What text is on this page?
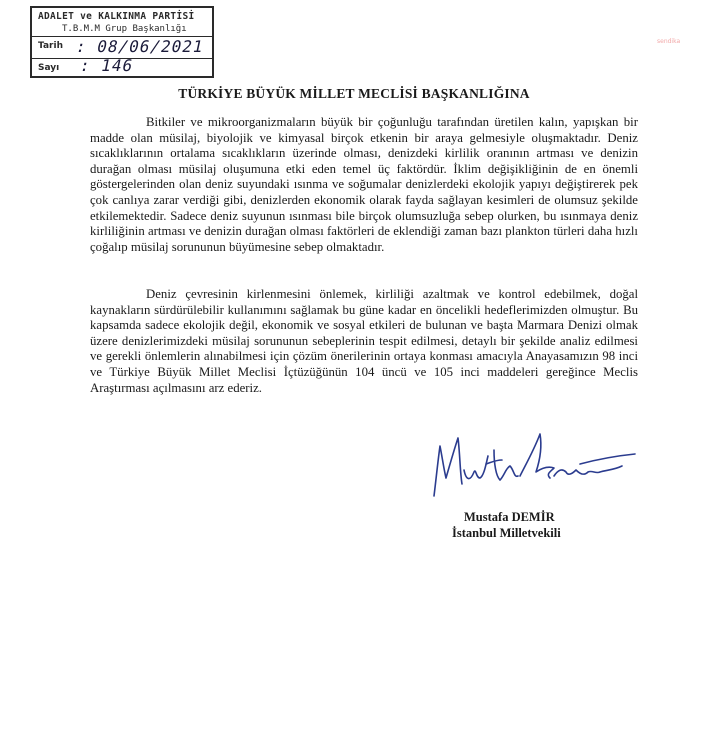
ADALET ve KALKINMA PARTİSİ
T.B.M.M Grup Başkanlığı
Tarih : 08/06/2021
Sayı : 146
sendika
TÜRKİYE BÜYÜK MİLLET MECLİSİ BAŞKANLIĞINA

Bitkiler ve mikroorganizmaların büyük bir çoğunluğu tarafından üretilen kalın, yapışkan bir madde olan müsilaj, biyolojik ve kimyasal birçok etkenin bir araya gelmesiyle oluşmaktadır. Deniz sıcaklıklarının ortalama sıcaklıkların üzerinde olması, denizdeki kirlilik oranının artması ve denizin durağan olması müsilaj oluşumuna etki eden temel üç faktördür. İklim değişikliğinin de en önemli göstergelerinden olan deniz suyundaki ısınma ve soğumalar denizlerdeki ekolojik yapıyı değiştirerek pek çok canlıya zarar verdiği gibi, denizlerden ekonomik olarak fayda sağlayan kesimleri de olumsuz şekilde etkilemektedir. Sadece deniz suyunun ısınması bile birçok olumsuzluğa sebep olurken, bu ısınmaya deniz kirliliğinin artması ve denizin durağan olması faktörleri de eklendiği zaman bazı plankton türleri daha hızlı çoğalıp müsilaj sorununun büyümesine sebep olmaktadır.

Deniz çevresinin kirlenmesini önlemek, kirliliği azaltmak ve kontrol edebilmek, doğal kaynakların sürdürülebilir kullanımını sağlamak bu güne kadar en öncelikli hedeflerimizden olmuştur. Bu kapsamda sadece ekolojik değil, ekonomik ve sosyal etkileri de bulunan ve başta Marmara Denizi olmak üzere denizlerimizdeki müsilaj sorununun sebeplerinin tespit edilmesi, detaylı bir şekilde analiz edilmesi ve gerekli önlemlerin alınabilmesi için çözüm önerilerinin ortaya konması amacıyla Anayasamızın 98 inci ve Türkiye Büyük Millet Meclisi İçtüzüğünün 104 üncü ve 105 inci maddeleri gereğince Meclis Araştırması açılmasını arz ederiz.

Mustafa DEMİR
İstanbul Milletvekili
